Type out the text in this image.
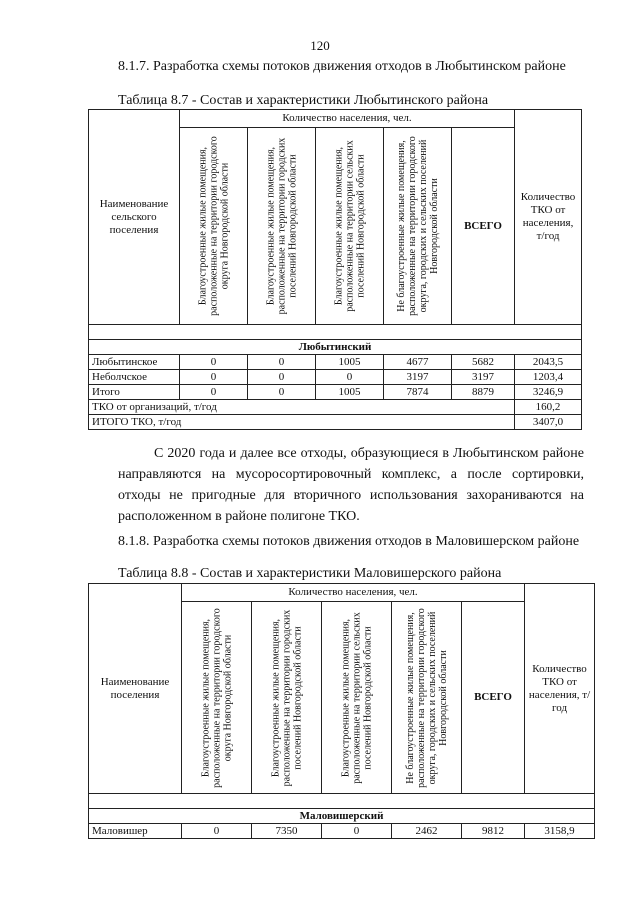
120
8.1.7. Разработка схемы потоков движения отходов в Любытинском районе
Таблица 8.7 - Состав и характеристики Любытинского района
Наименование сельского поселения	Количество населения, чел.					Количество ТКО от населения, т/год

	Благоустроенные жилые помещения, расположенные на территории городского округа Новгородской области	Благоустроенные жилые помещения, расположенные на территории городских поселений Новгородской области	Благоустроенные жилые помещения, расположенные на территории сельских поселений Новгородской области	Не благоустроенные жилые помещения, расположенные на территории городского округа, городских и сельских поселений Новгородской области	ВСЕГО	

Любытинский						
Любытинское	0	0	1005	4677	5682	2043,5
Неболчское	0	0	0	3197	3197	1203,4
Итого	0	0	1005	7874	8879	3246,9
ТКО от организаций, т/год						160,2
ИТОГО ТКО, т/год						3407,0
С 2020 года и далее все отходы, образующиеся в Любытинском районе направляются на мусоросортировочный комплекс, а после сортировки, отходы не пригодные для вторичного использования захораниваются на расположенном в районе полигоне ТКО.
8.1.8. Разработка схемы потоков движения отходов в Маловишерском районе
Таблица 8.8 - Состав и характеристики Маловишерского района
Наименование поселения	Количество населения, чел.					Количество ТКО от населения, т/год

	Благоустроенные жилые помещения, расположенные на территории городского округа Новгородской области	Благоустроенные жилые помещения, расположенные на территории городских поселений Новгородской области	Благоустроенные жилые помещения, расположенные на территории сельских поселений Новгородской области	Не благоустроенные жилые помещения, расположенные на территории городского округа, городских и сельских поселений Новгородской области	ВСЕГО	

Маловишерский						
Маловишер	0	7350	0	2462	9812	3158,9
